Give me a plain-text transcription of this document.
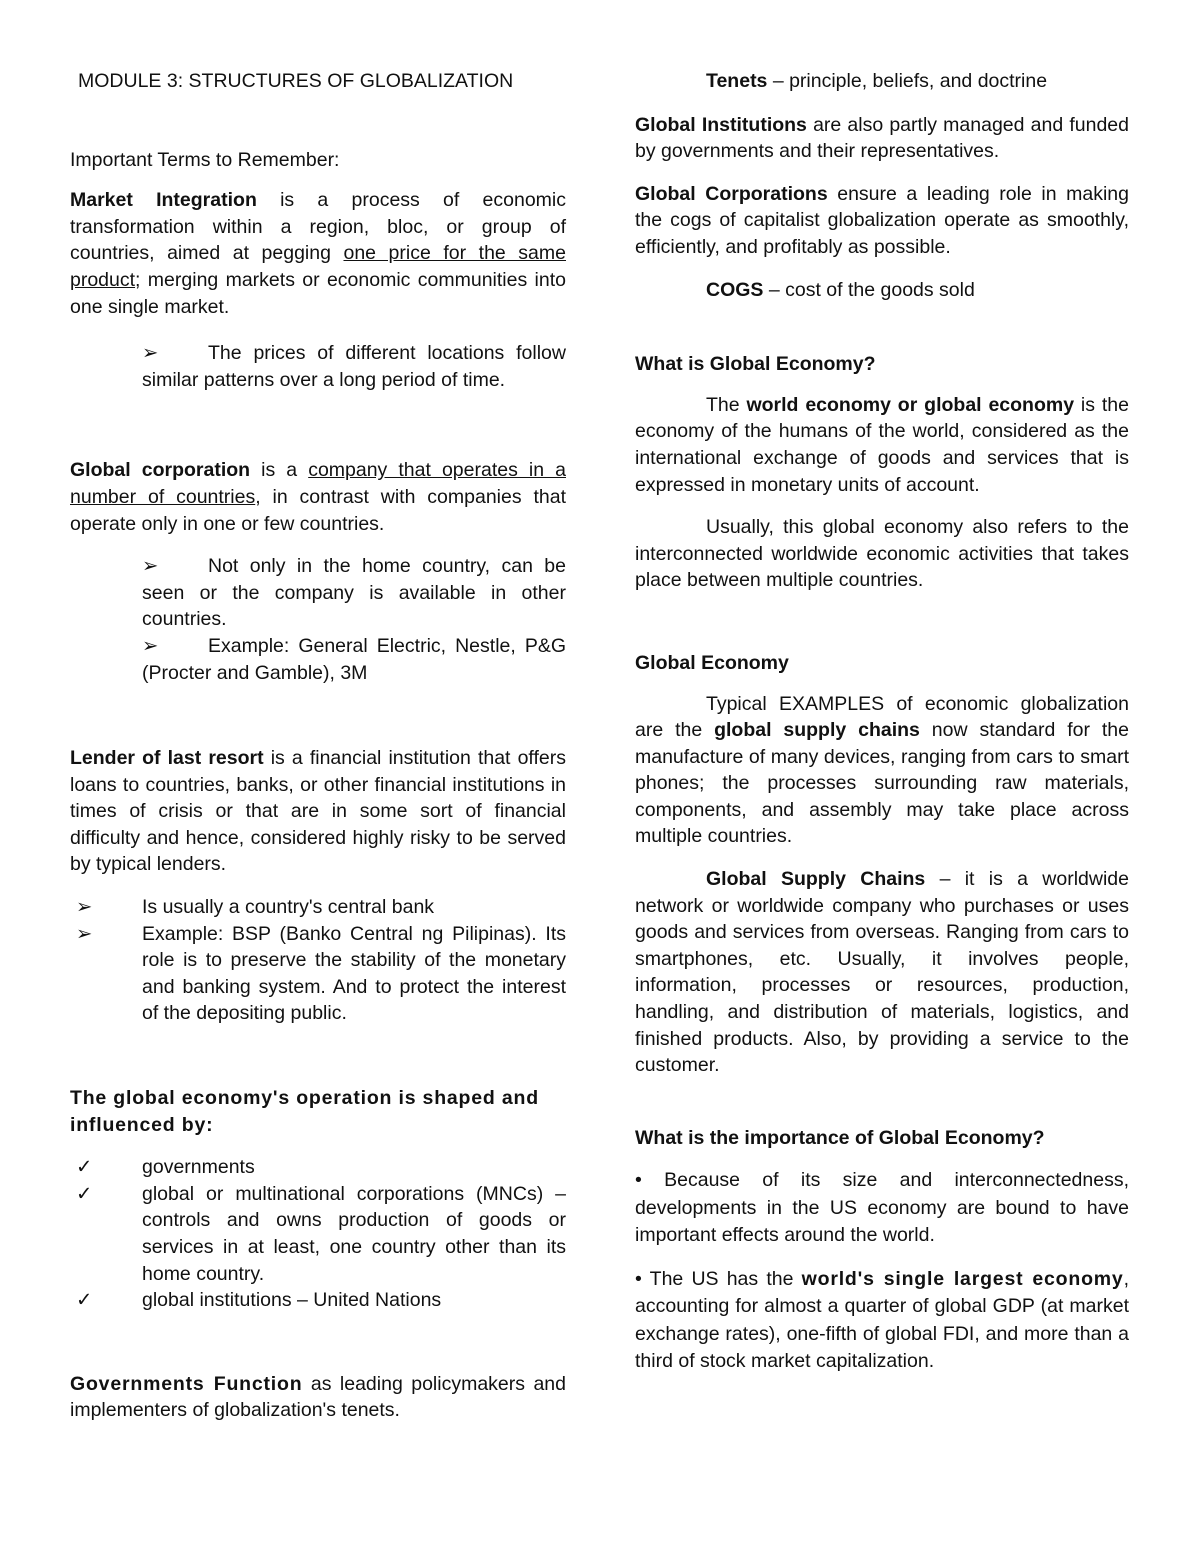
MODULE 3: STRUCTURES OF GLOBALIZATION

Important Terms to Remember:

Market Integration is a process of economic transformation within a region, bloc, or group of countries, aimed at pegging one price for the same product; merging markets or economic communities into one single market.

➢	The prices of different locations follow similar patterns over a long period of time.

Global corporation is a company that operates in a number of countries, in contrast with companies that operate only in one or few countries.

➢	Not only in the home country, can be seen or the company is available in other countries.

➢	Example: General Electric, Nestle, P&G (Procter and Gamble), 3M

Lender of last resort is a financial institution that offers loans to countries, banks, or other financial institutions in times of crisis or that are in some sort of financial difficulty and hence, considered highly risky to be served by typical lenders.

➢	Is usually a country's central bank

➢	Example: BSP (Banko Central ng Pilipinas). Its role is to preserve the stability of the monetary and banking system. And to protect the interest of the depositing public.

The global economy's operation is shaped and influenced by:

✓	governments

✓	global or multinational corporations (MNCs) – controls and owns production of goods or services in at least, one country other than its home country.

✓	global institutions – United Nations

Governments Function as leading policymakers and implementers of globalization's tenets.

Tenets – principle, beliefs, and doctrine

Global Institutions are also partly managed and funded by governments and their representatives.

Global Corporations ensure a leading role in making the cogs of capitalist globalization operate as smoothly, efficiently, and profitably as possible.

COGS – cost of the goods sold

What is Global Economy?

The world economy or global economy is the economy of the humans of the world, considered as the international exchange of goods and services that is expressed in monetary units of account.

Usually, this global economy also refers to the interconnected worldwide economic activities that takes place between multiple countries.

Global Economy

Typical EXAMPLES of economic globalization are the global supply chains now standard for the manufacture of many devices, ranging from cars to smart phones; the processes surrounding raw materials, components, and assembly may take place across multiple countries.

Global Supply Chains – it is a worldwide network or worldwide company who purchases or uses goods and services from overseas. Ranging from cars to smartphones, etc. Usually, it involves people, information, processes or resources, production, handling, and distribution of materials, logistics, and finished products. Also, by providing a service to the customer.

What is the importance of Global Economy?

• Because of its size and interconnectedness, developments in the US economy are bound to have important effects around the world.

• The US has the world's single largest economy, accounting for almost a quarter of global GDP (at market exchange rates), one-fifth of global FDI, and more than a third of stock market capitalization.
